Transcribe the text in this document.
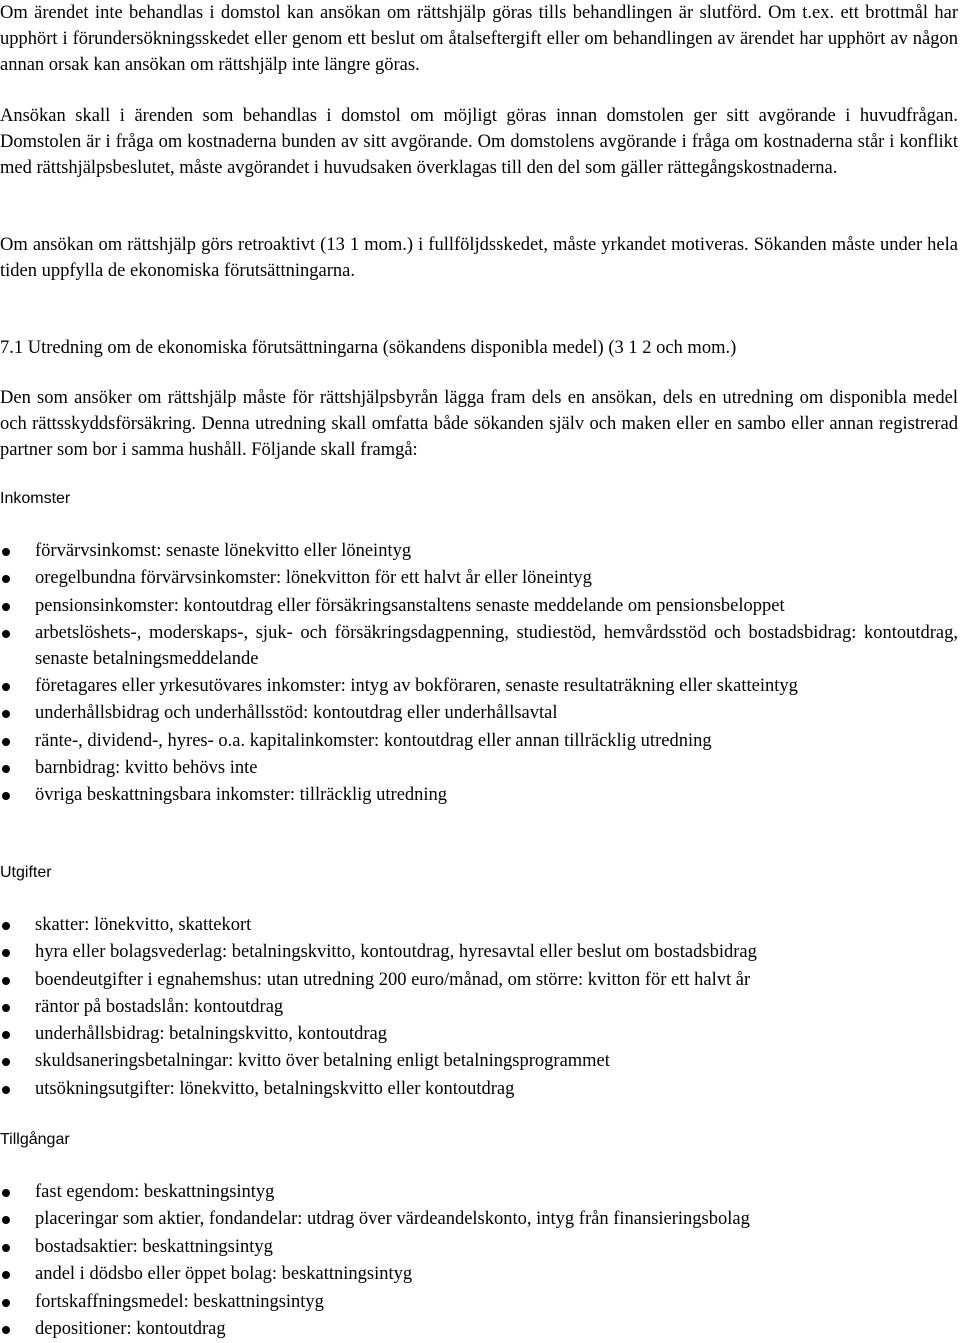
Om ärendet inte behandlas i domstol kan ansökan om rättshjälp göras tills behandlingen är slutförd. Om t.ex. ett brottmål har upphört i förundersökningsskedet eller genom ett beslut om åtalseftergift eller om behandlingen av ärendet har upphört av någon annan orsak kan ansökan om rättshjälp inte längre göras.

Ansökan skall i ärenden som behandlas i domstol om möjligt göras innan domstolen ger sitt avgörande i huvudfrågan. Domstolen är i fråga om kostnaderna bunden av sitt avgörande. Om domstolens avgörande i fråga om kostnaderna står i konflikt med rättshjälpsbeslutet, måste avgörandet i huvudsaken överklagas till den del som gäller rättegångskostnaderna.

Om ansökan om rättshjälp görs retroaktivt (13 1 mom.) i fullföljdsskedet, måste yrkandet motiveras. Sökanden måste under hela tiden uppfylla de ekonomiska förutsättningarna.

7.1 Utredning om de ekonomiska förutsättningarna (sökandens disponibla medel) (3 1 2 och mom.)

Den som ansöker om rättshjälp måste för rättshjälpsbyrån lägga fram dels en ansökan, dels en utredning om disponibla medel och rättsskyddsförsäkring. Denna utredning skall omfatta både sökanden själv och maken eller en sambo eller annan registrerad partner som bor i samma hushåll. Följande skall framgå:

Inkomster
förvärvsinkomst: senaste lönekvitto eller löneintyg
oregelbundna förvärvsinkomster: lönekvitton för ett halvt år eller löneintyg
pensionsinkomster: kontoutdrag eller försäkringsanstaltens senaste meddelande om pensionsbeloppet
arbetslöshets-, moderskaps-, sjuk- och försäkringsdagpenning, studiestöd, hemvårdsstöd och bostadsbidrag: kontoutdrag, senaste betalningsmeddelande
företagares eller yrkesutövares inkomster: intyg av bokföraren, senaste resultaträkning eller skatteintyg
underhållsbidrag och underhållsstöd: kontoutdrag eller underhållsavtal
ränte-, dividend-, hyres- o.a. kapitalinkomster: kontoutdrag eller annan tillräcklig utredning
barnbidrag: kvitto behövs inte
övriga beskattningsbara inkomster: tillräcklig utredning
Utgifter
skatter: lönekvitto, skattekort
hyra eller bolagsvederlag: betalningskvitto, kontoutdrag, hyresavtal eller beslut om bostadsbidrag
boendeutgifter i egnahemshus: utan utredning 200 euro/månad, om större: kvitton för ett halvt år
räntor på bostadslån: kontoutdrag
underhållsbidrag: betalningskvitto, kontoutdrag
skuldsaneringsbetalningar: kvitto över betalning enligt betalningsprogrammet
utsökningsutgifter: lönekvitto, betalningskvitto eller kontoutdrag
Tillgångar
fast egendom: beskattningsintyg
placeringar som aktier, fondandelar: utdrag över värdeandelskonto, intyg från finansieringsbolag
bostadsaktier: beskattningsintyg
andel i dödsbo eller öppet bolag: beskattningsintyg
fortskaffningsmedel: beskattningsintyg
depositioner: kontoutdrag
